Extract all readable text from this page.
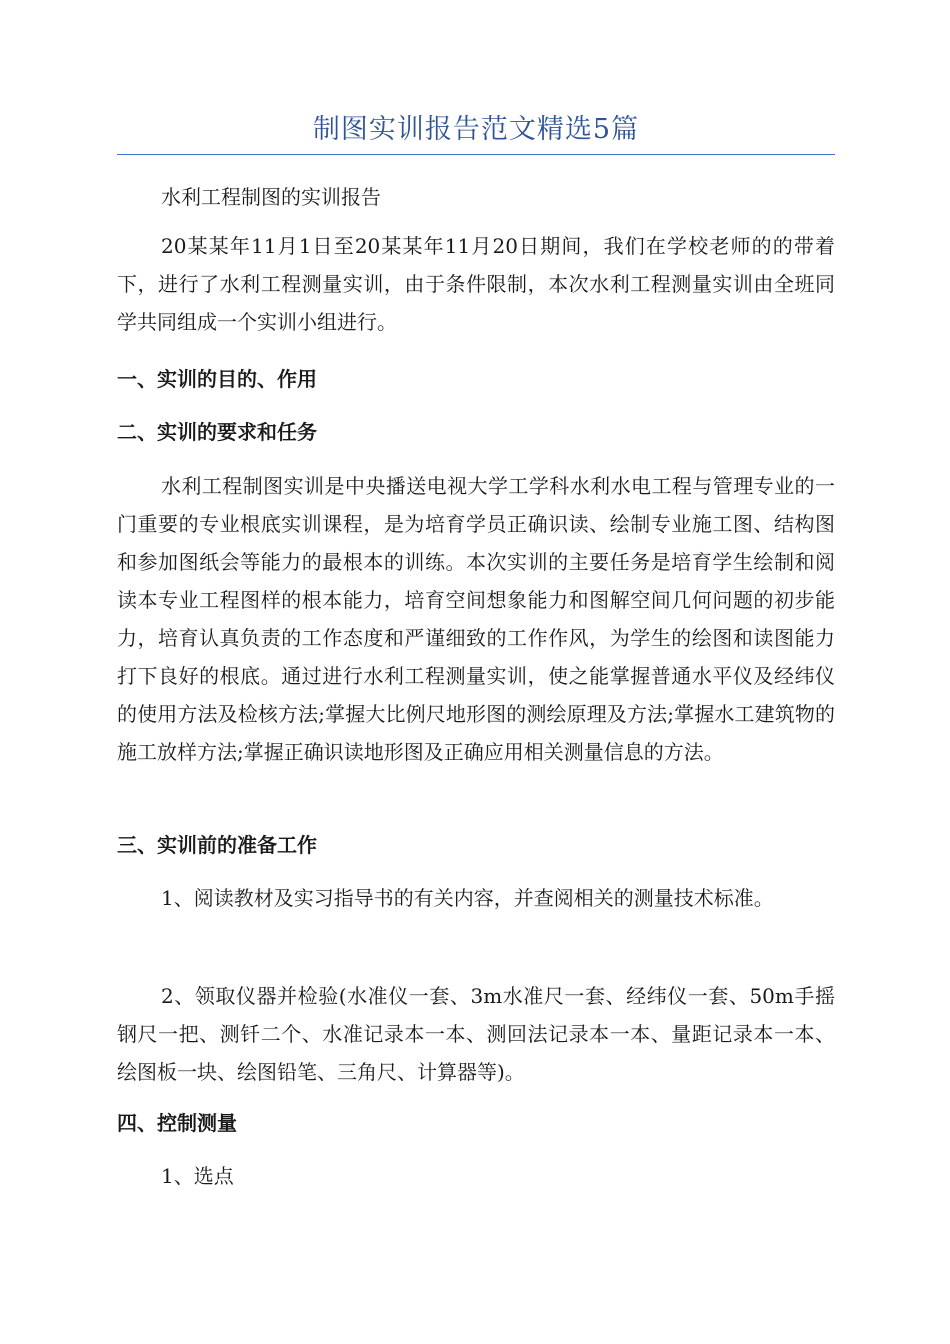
制图实训报告范文精选5篇

水利工程制图的实训报告

20某某年11月1日至20某某年11月20日期间，我们在学校老师的的带着下，进行了水利工程测量实训，由于条件限制，本次水利工程测量实训由全班同学共同组成一个实训小组进行。

一、实训的目的、作用
二、实训的要求和任务

水利工程制图实训是中央播送电视大学工学科水利水电工程与管理专业的一门重要的专业根底实训课程，是为培育学员正确识读、绘制专业施工图、结构图和参加图纸会等能力的最根本的训练。本次实训的主要任务是培育学生绘制和阅读本专业工程图样的根本能力，培育空间想象能力和图解空间几何问题的初步能力，培育认真负责的工作态度和严谨细致的工作作风，为学生的绘图和读图能力打下良好的根底。通过进行水利工程测量实训，使之能掌握普通水平仪及经纬仪的使用方法及检核方法;掌握大比例尺地形图的测绘原理及方法;掌握水工建筑物的施工放样方法;掌握正确识读地形图及正确应用相关测量信息的方法。

三、实训前的准备工作

1、阅读教材及实习指导书的有关内容，并查阅相关的测量技术标准。

2、领取仪器并检验(水准仪一套、3m水准尺一套、经纬仪一套、50m手摇钢尺一把、测钎二个、水准记录本一本、测回法记录本一本、量距记录本一本、绘图板一块、绘图铅笔、三角尺、计算器等)。

四、控制测量

1、选点
